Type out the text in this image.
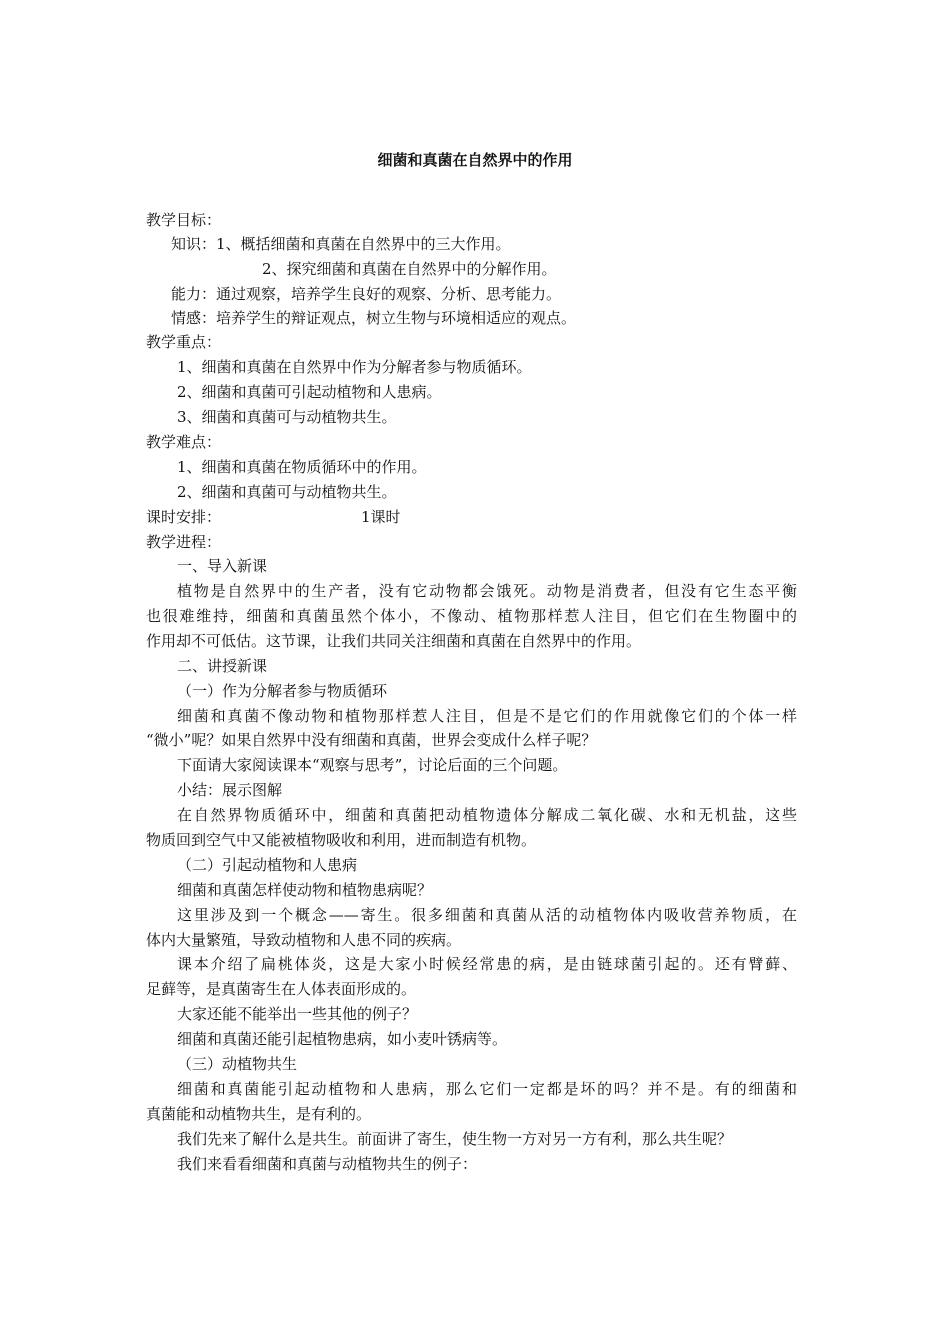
细菌和真菌在自然界中的作用
教学目标：
知识：1、概括细菌和真菌在自然界中的三大作用。
2、探究细菌和真菌在自然界中的分解作用。
能力：通过观察，培养学生良好的观察、分析、思考能力。
情感：培养学生的辩证观点，树立生物与环境相适应的观点。
教学重点：
1、细菌和真菌在自然界中作为分解者参与物质循环。
2、细菌和真菌可引起动植物和人患病。
3、细菌和真菌可与动植物共生。
教学难点：
1、细菌和真菌在物质循环中的作用。
2、细菌和真菌可与动植物共生。
课时安排：	1课时
教学进程：
一、导入新课
植物是自然界中的生产者，没有它动物都会饿死。动物是消费者，但没有它生态平衡
也很难维持，细菌和真菌虽然个体小，不像动、植物那样惹人注目，但它们在生物圈中的
作用却不可低估。这节课，让我们共同关注细菌和真菌在自然界中的作用。
二、讲授新课
（一）作为分解者参与物质循环
细菌和真菌不像动物和植物那样惹人注目，但是不是它们的作用就像它们的个体一样
“微小”呢？如果自然界中没有细菌和真菌，世界会变成什么样子呢？
下面请大家阅读课本“观察与思考”，讨论后面的三个问题。
小结：展示图解
在自然界物质循环中，细菌和真菌把动植物遗体分解成二氧化碳、水和无机盐，这些
物质回到空气中又能被植物吸收和利用，进而制造有机物。
（二）引起动植物和人患病
细菌和真菌怎样使动物和植物患病呢？
这里涉及到一个概念——寄生。很多细菌和真菌从活的动植物体内吸收营养物质，在
体内大量繁殖，导致动植物和人患不同的疾病。
课本介绍了扁桃体炎，这是大家小时候经常患的病，是由链球菌引起的。还有臂藓、
足藓等，是真菌寄生在人体表面形成的。
大家还能不能举出一些其他的例子？
细菌和真菌还能引起植物患病，如小麦叶锈病等。
（三）动植物共生
细菌和真菌能引起动植物和人患病，那么它们一定都是坏的吗？并不是。有的细菌和
真菌能和动植物共生，是有利的。
我们先来了解什么是共生。前面讲了寄生，使生物一方对另一方有利，那么共生呢？
我们来看看细菌和真菌与动植物共生的例子：
